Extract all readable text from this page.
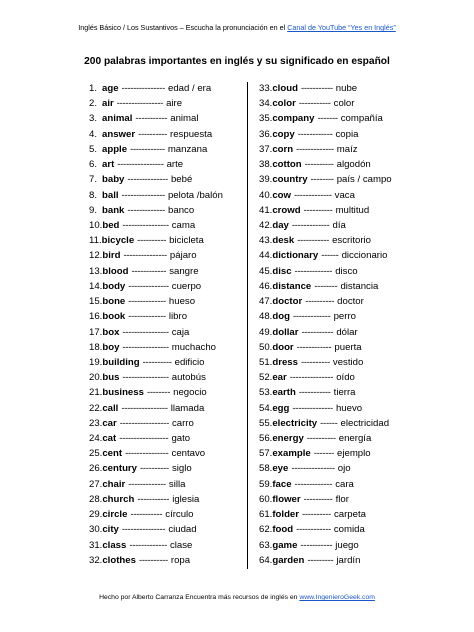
Inglés Básico / Los Sustantivos – Escucha la pronunciación en el Canal de YouTube “Yes en Inglés”
200 palabras importantes en inglés y su significado en español
1. age --------------- edad / era
2. air ---------------- aire
3. animal ----------- animal
4. answer ---------- respuesta
5. apple ------------ manzana
6. art ---------------- arte
7. baby -------------- bebé
8. ball --------------- pelota /balón
9. bank ------------- banco
10.bed ---------------- cama
11.bicycle ---------- bicicleta
12.bird --------------- pájaro
13.blood ------------ sangre
14.body -------------- cuerpo
15.bone ------------- hueso
16.book ------------- libro
17.box ---------------- caja
18.boy ---------------- muchacho
19.building ---------- edificio
20.bus ---------------- autobús
21.business -------- negocio
22.call ---------------- llamada
23.car ----------------- carro
24.cat ----------------- gato
25.cent --------------- centavo
26.century ---------- siglo
27.chair ------------- silla
28.church ----------- iglesia
29.circle ----------- círculo
30.city --------------- ciudad
31.class ------------- clase
32.clothes ---------- ropa
33.cloud ----------- nube
34.color ----------- color
35.company ------- compañía
36.copy ------------ copia
37.corn ------------- maíz
38.cotton ---------- algodón
39.country -------- país / campo
40.cow ------------- vaca
41.crowd ---------- multitud
42.day ------------- día
43.desk ----------- escritorio
44.dictionary ------ diccionario
45.disc ------------- disco
46.distance -------- distancia
47.doctor ---------- doctor
48.dog ------------- perro
49.dollar ----------- dólar
50.door ------------ puerta
51.dress ---------- vestido
52.ear --------------- oído
53.earth ----------- tierra
54.egg -------------- huevo
55.electricity ------ electricidad
56.energy ---------- energía
57.example ------- ejemplo
58.eye --------------- ojo
59.face ------------- cara
60.flower ---------- flor
61.folder ---------- carpeta
62.food ------------ comida
63.game ----------- juego
64.garden --------- jardín
Hecho por Alberto Carranza Encuentra más recursos de inglés en www.IngenieroGeek.com
